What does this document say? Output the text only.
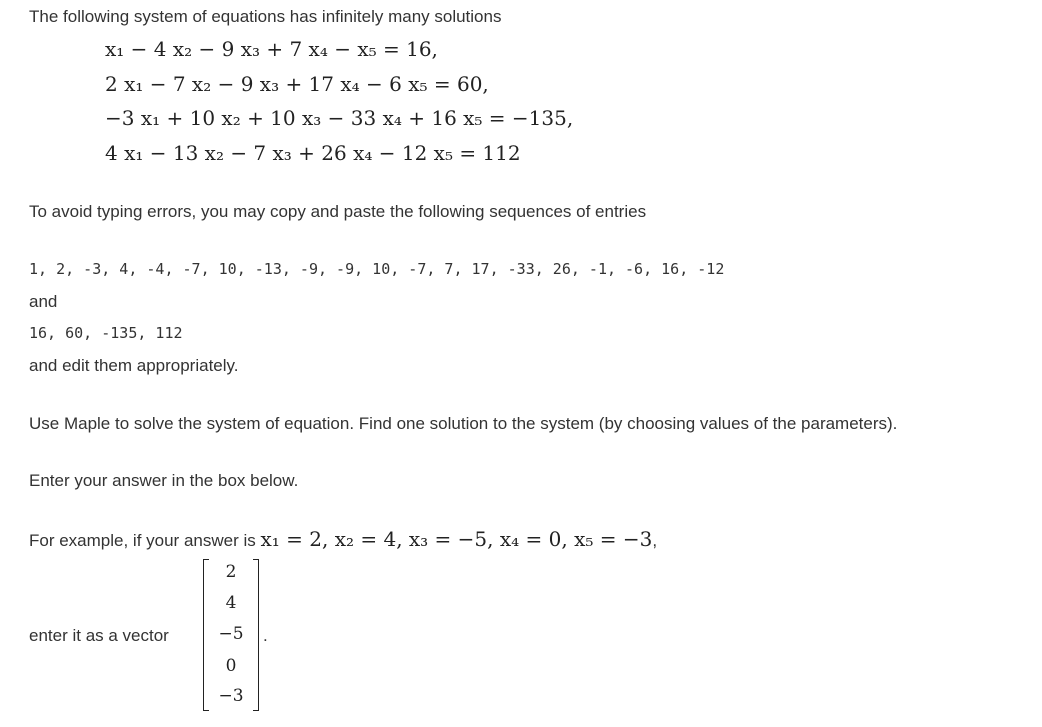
The following system of equations has infinitely many solutions
x₁ − 4 x₂ − 9 x₃ + 7 x₄ − x₅ = 16,
2 x₁ − 7 x₂ − 9 x₃ + 17 x₄ − 6 x₅ = 60,
−3 x₁ + 10 x₂ + 10 x₃ − 33 x₄ + 16 x₅ = −135,
4 x₁ − 13 x₂ − 7 x₃ + 26 x₄ − 12 x₅ = 112
To avoid typing errors, you may copy and paste the following sequences of entries
1, 2, -3, 4, -4, -7, 10, -13, -9, -9, 10, -7, 7, 17, -33, 26, -1, -6, 16, -12
and
16, 60, -135, 112
and edit them appropriately.
Use Maple to solve the system of equation. Find one solution to the system (by choosing values of the parameters).
Enter your answer in the box below.
For example, if your answer is x₁ = 2, x₂ = 4, x₃ = −5, x₄ = 0, x₅ = −3,
enter it as a vector
2
4
−5
0
−3
.
